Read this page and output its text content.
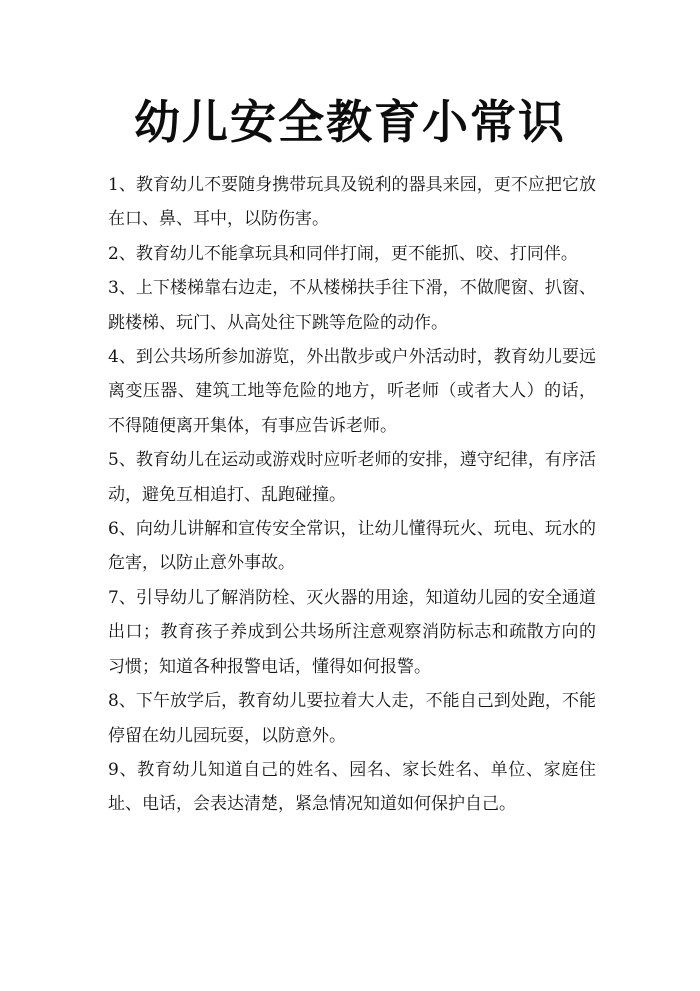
幼儿安全教育小常识

1、教育幼儿不要随身携带玩具及锐利的器具来园，更不应把它放在口、鼻、耳中，以防伤害。

2、教育幼儿不能拿玩具和同伴打闹，更不能抓、咬、打同伴。

3、上下楼梯靠右边走，不从楼梯扶手往下滑，不做爬窗、扒窗、跳楼梯、玩门、从高处往下跳等危险的动作。

4、到公共场所参加游览，外出散步或户外活动时，教育幼儿要远离变压器、建筑工地等危险的地方，听老师（或者大人）的话，不得随便离开集体，有事应告诉老师。

5、教育幼儿在运动或游戏时应听老师的安排，遵守纪律，有序活动，避免互相追打、乱跑碰撞。

6、向幼儿讲解和宣传安全常识，让幼儿懂得玩火、玩电、玩水的危害，以防止意外事故。

7、引导幼儿了解消防栓、灭火器的用途，知道幼儿园的安全通道出口；教育孩子养成到公共场所注意观察消防标志和疏散方向的习惯；知道各种报警电话，懂得如何报警。

8、下午放学后，教育幼儿要拉着大人走，不能自己到处跑，不能停留在幼儿园玩耍，以防意外。

9、教育幼儿知道自己的姓名、园名、家长姓名、单位、家庭住址、电话，会表达清楚，紧急情况知道如何保护自己。
